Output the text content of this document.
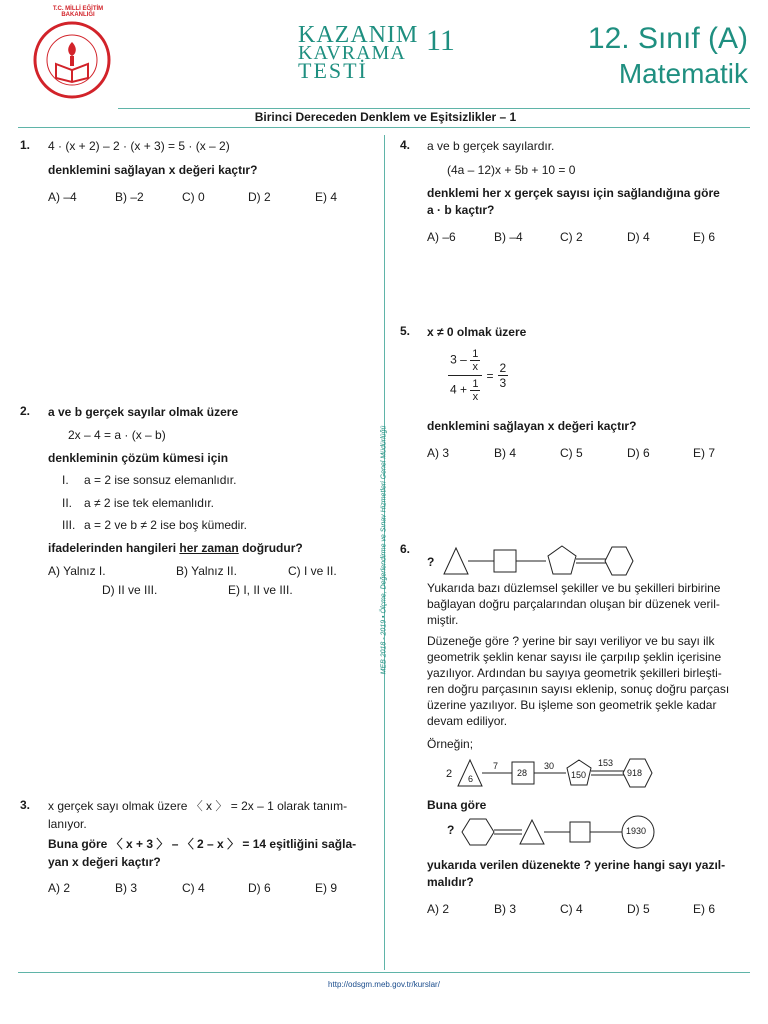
T.C. MİLLİ EĞİTİM BAKANLIĞI
KAZANIM
KAVRAMA
TESTİ
11	12. Sınıf (A)
Matematik
Birinci Dereceden Denklem ve Eşitsizlikler – 1
MEB 2018 - 2019 • Ölçme, Değerlendirme ve Sınav Hizmetleri Genel Müdürlüğü
1. 4 · (x + 2) – 2 · (x + 3) = 5 · (x – 2)
denklemini sağlayan x değeri kaçtır?
A) –4	B) –2	C) 0	D) 2	E) 4
2. a ve b gerçek sayılar olmak üzere
2x – 4 = a · (x – b)
denkleminin çözüm kümesi için
I. a = 2 ise sonsuz elemanlıdır.
II. a ≠ 2 ise tek elemanlıdır.
III. a = 2 ve b ≠ 2 ise boş kümedir.
ifadelerinden hangileri her zaman doğrudur?
A) Yalnız I.	B) Yalnız II.	C) I ve II.
D) II ve III.	E) I, II ve III.
3. x gerçek sayı olmak üzere 〈 x 〉 = 2x – 1 olarak tanım-
lanıyor.
Buna göre 〈 x + 3 〉 – 〈 2 – x 〉 = 14 eşitliğini sağla-
yan x değeri kaçtır?
A) 2	B) 3	C) 4	D) 6	E) 9
4. a ve b gerçek sayılardır.
(4a – 12)x + 5b + 10 = 0
denklemi her x gerçek sayısı için sağlandığına göre
a · b kaçtır?
A) –6	B) –4	C) 2	D) 4	E) 6
5. x ≠ 0 olmak üzere
$\frac{3 - \frac{1}{x}}{4 + \frac{1}{x}} = \frac{2}{3}$
denklemini sağlayan x değeri kaçtır?
A) 3	B) 4	C) 5	D) 6	E) 7
6.
?
Yukarıda bazı düzlemsel şekiller ve bu şekilleri birbirine
bağlayan doğru parçalarından oluşan bir düzenek veril-
miştir.
Düzeneğe göre ? yerine bir sayı veriliyor ve bu sayı ilk
geometrik şeklin kenar sayısı ile çarpılıp şeklin içerisine
yazılıyor. Ardından bu sayıya geometrik şekilleri birleşti-
ren doğru parçasının sayısı eklenip, sonuç doğru parçası
üzerine yazılıyor. Bu işleme son geometrik şekle kadar
devam ediliyor.
Örneğin;
2 6
7
28
30
150
153
918
Buna göre
?	1930
yukarıda verilen düzenekte ? yerine hangi sayı yazıl-
malıdır?
A) 2	B) 3	C) 4	D) 5	E) 6
http://odsgm.meb.gov.tr/kurslar/
